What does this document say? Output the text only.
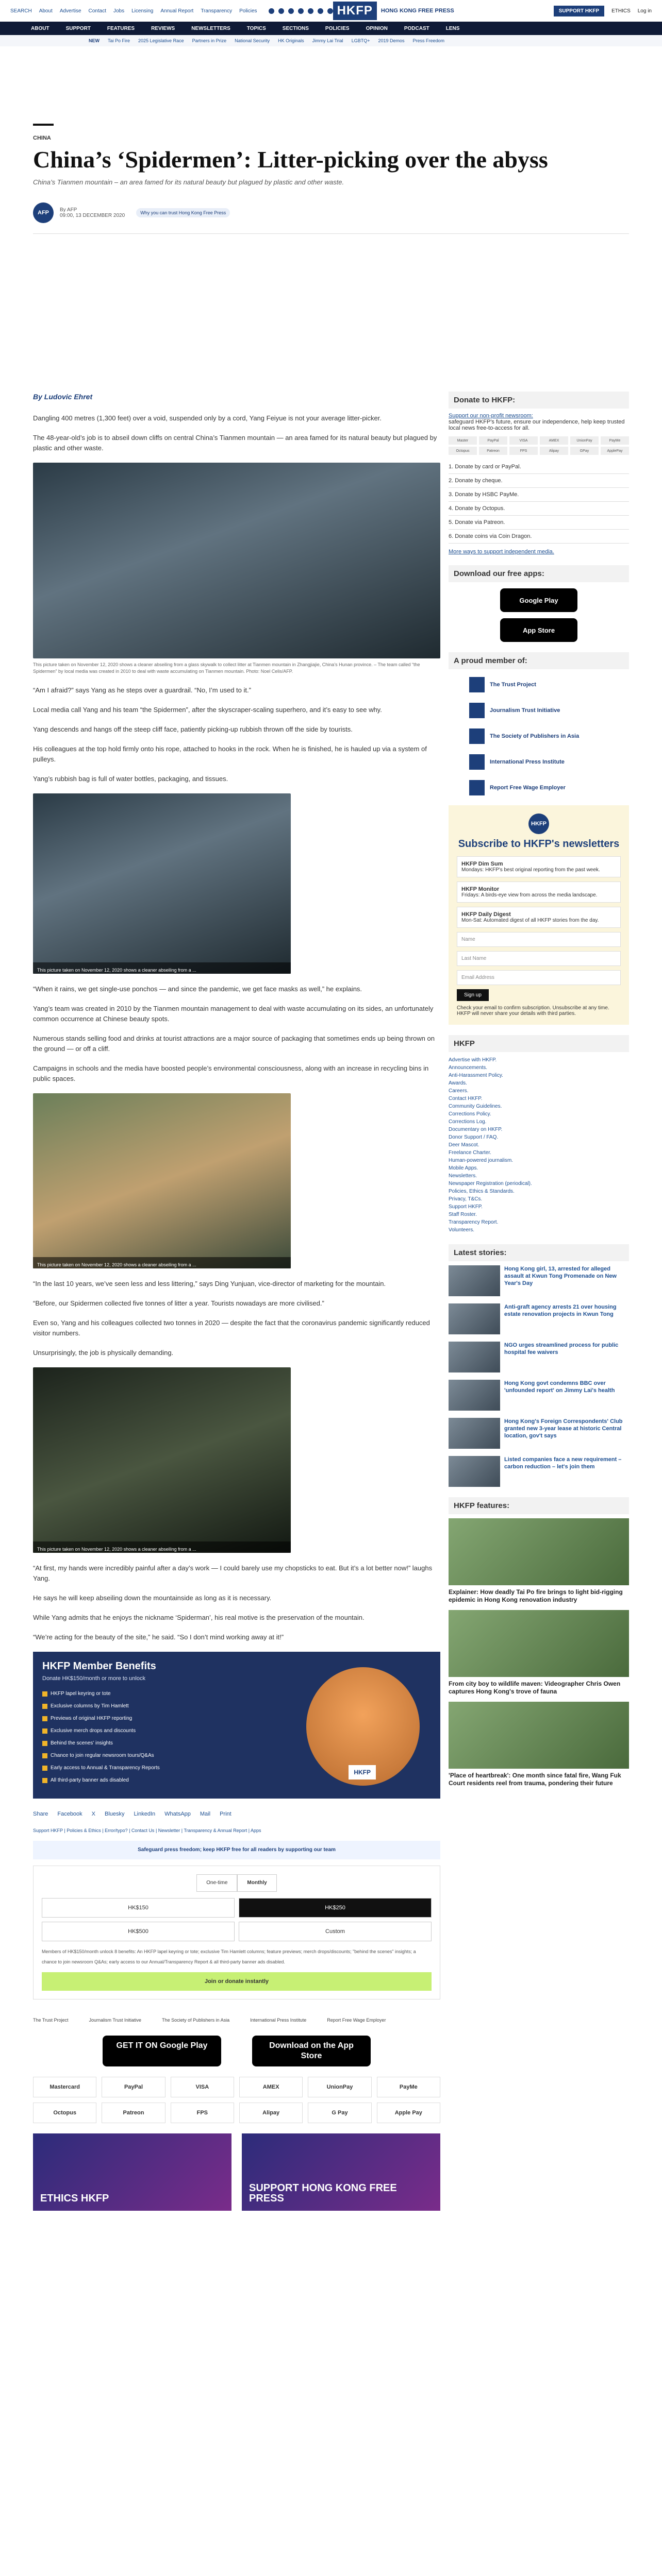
SEARCH About Advertise Contact Jobs Licensing Annual Report Transparency Policies	HKFP	HONG KONG FREE PRESS	SUPPORT HKFP	ETHICS Log in
ABOUT	SUPPORT	FEATURES	REVIEWS	NEWSLETTERS	TOPICS	SECTIONS	POLICIES	OPINION	PODCAST	LENS
NEW Tai Po Fire 2025 Legislative Race Partners in Prize National Security HK Originals Jimmy Lai Trial LGBTQ+ 2019 Demos Press Freedom
CHINA
China’s ‘Spidermen’: Litter-picking over the abyss
China’s Tianmen mountain – an area famed for its natural beauty but plagued by plastic and other waste.
AFP	By AFP
09:00, 13 DECEMBER 2020	Why you can trust Hong Kong Free Press
By Ludovic Ehret

Dangling 400 metres (1,300 feet) over a void, suspended only by a cord, Yang Feiyue is not your average litter-picker.

The 48-year-old’s job is to abseil down cliffs on central China’s Tianmen mountain — an area famed for its natural beauty but plagued by plastic and other waste.

This picture taken on November 12, 2020 shows a cleaner abseiling from a glass skywalk to collect litter at Tianmen mountain in Zhangjiajie, China’s Hunan province. – The team called “the Spidermen” by local media was created in 2010 to deal with waste accumulating on Tianmen mountain. Photo: Noel Celis/AFP.

“Am I afraid?” says Yang as he steps over a guardrail. “No, I’m used to it.”

Local media call Yang and his team “the Spidermen”, after the skyscraper-scaling superhero, and it’s easy to see why.

Yang descends and hangs off the steep cliff face, patiently picking-up rubbish thrown off the side by tourists.

His colleagues at the top hold firmly onto his rope, attached to hooks in the rock. When he is finished, he is hauled up via a system of pulleys.

Yang’s rubbish bag is full of water bottles, packaging, and tissues.

This picture taken on November 12, 2020 shows a cleaner abseiling from a ...

“When it rains, we get single-use ponchos — and since the pandemic, we get face masks as well,” he explains.

Yang’s team was created in 2010 by the Tianmen mountain management to deal with waste accumulating on its sides, an unfortunately common occurrence at Chinese beauty spots.

Numerous stands selling food and drinks at tourist attractions are a major source of packaging that sometimes ends up being thrown on the ground — or off a cliff.

Campaigns in schools and the media have boosted people’s environmental consciousness, along with an increase in recycling bins in public spaces.

This picture taken on November 12, 2020 shows a cleaner abseiling from a ...

“In the last 10 years, we’ve seen less and less littering,” says Ding Yunjuan, vice-director of marketing for the mountain.

“Before, our Spidermen collected five tonnes of litter a year. Tourists nowadays are more civilised.”

Even so, Yang and his colleagues collected two tonnes in 2020 — despite the fact that the coronavirus pandemic significantly reduced visitor numbers.

Unsurprisingly, the job is physically demanding.

This picture taken on November 12, 2020 shows a cleaner abseiling from a ...

“At first, my hands were incredibly painful after a day’s work — I could barely use my chopsticks to eat. But it’s a lot better now!” laughs Yang.

He says he will keep abseiling down the mountainside as long as it is necessary.

While Yang admits that he enjoys the nickname ‘Spiderman’, his real motive is the preservation of the mountain.

“We’re acting for the beauty of the site,” he said. “So I don’t mind working away at it!”

HKFP Member Benefits
Donate HK$150/month or more to unlock
HKFP lapel keyring or tote
Exclusive columns by Tim Hamlett
Previews of original HKFP reporting
Exclusive merch drops and discounts
Behind the scenes' insights
Chance to join regular newsroom tours/Q&As
Early access to Annual & Transparency Reports
All third-party banner ads disabled
HKFP
Share Facebook X Bluesky LinkedIn WhatsApp Mail Print
Support HKFP | Policies & Ethics | Error/typo? | Contact Us | Newsletter | Transparency & Annual Report | Apps
Safeguard press freedom; keep HKFP free for all readers by supporting our team
One-time	Monthly
HK$150	HK$250
HK$500	Custom
Members of HK$150/month unlock 8 benefits: An HKFP lapel keyring or tote; exclusive Tim Hamlett columns; feature previews; merch drops/discounts; "behind the scenes" insights; a chance to join newsroom Q&As; early access to our Annual/Transparency Report & all third-party banner ads disabled.
Join or donate instantly
The Trust Project	Journalism Trust Initiative	The Society of Publishers in Asia	International Press Institute	Report Free Wage Employer
GET IT ON Google Play	Download on the App Store
Mastercard	PayPal	VISA	AMEX	UnionPay	PayMe
Octopus	Patreon	FPS	Alipay	G Pay	Apple Pay
ETHICS HKFP
SUPPORT HONG KONG FREE PRESS
Donate to HKFP:
Support our non-profit newsroom:
safeguard HKFP's future, ensure our independence, help keep trusted local news free-to-access for all.
Master	PayPal	VISA	AMEX	UnionPay	PayMe
Octopus	Patreon	FPS	Alipay	GPay	ApplePay
1. Donate by card or PayPal.
2. Donate by cheque.
3. Donate by HSBC PayMe.
4. Donate by Octopus.
5. Donate via Patreon.
6. Donate coins via Coin Dragon.
More ways to support independent media.
Download our free apps:
Google Play
App Store
A proud member of:
The Trust Project
Journalism Trust Initiative
The Society of Publishers in Asia
International Press Institute
Report Free Wage Employer
HKFP
Subscribe to HKFP's newsletters
HKFP Dim Sum
Mondays: HKFP's best original reporting from the past week.
HKFP Monitor
Fridays: A birds-eye view from across the media landscape.
HKFP Daily Digest
Mon-Sat: Automated digest of all HKFP stories from the day.
Name
Last Name
Email Address
Sign up
Check your email to confirm subscription. Unsubscribe at any time. HKFP will never share your details with third parties.
HKFP
Advertise with HKFP.
Announcements.
Anti-Harassment Policy.
Awards.
Careers.
Contact HKFP.
Community Guidelines.
Corrections Policy.
Corrections Log.
Documentary on HKFP.
Donor Support / FAQ.
Deer Mascot.
Freelance Charter.
Human-powered journalism.
Mobile Apps.
Newsletters.
Newspaper Registration (periodical).
Policies, Ethics & Standards.
Privacy, T&Cs.
Support HKFP.
Staff Roster.
Transparency Report.
Volunteers.
Latest stories:
Hong Kong girl, 13, arrested for alleged assault at Kwun Tong Promenade on New Year's Day
Anti-graft agency arrests 21 over housing estate renovation projects in Kwun Tong
NGO urges streamlined process for public hospital fee waivers
Hong Kong govt condemns BBC over 'unfounded report' on Jimmy Lai's health
Hong Kong's Foreign Correspondents' Club granted new 3-year lease at historic Central location, gov't says
Listed companies face a new requirement – carbon reduction – let's join them
HKFP features:
Explainer: How deadly Tai Po fire brings to light bid-rigging epidemic in Hong Kong renovation industry
From city boy to wildlife maven: Videographer Chris Owen captures Hong Kong's trove of fauna
'Place of heartbreak': One month since fatal fire, Wang Fuk Court residents reel from trauma, pondering their future
